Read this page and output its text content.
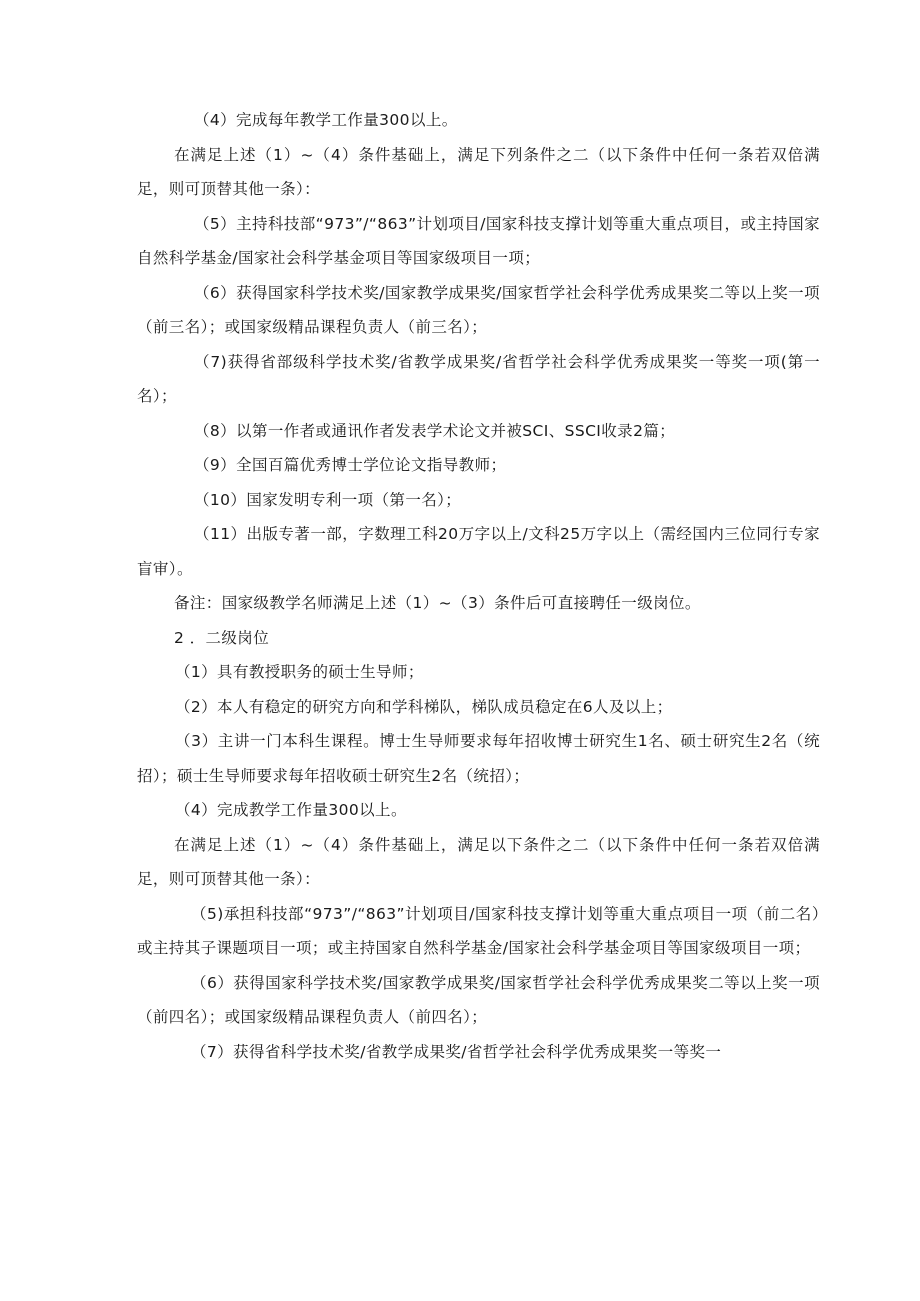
（4）完成每年教学工作量300以上。

在满足上述（1）~（4）条件基础上，满足下列条件之二（以下条件中任何一条若双倍满足，则可顶替其他一条）：

（5）主持科技部“973”/“863”计划项目/国家科技支撑计划等重大重点项目，或主持国家自然科学基金/国家社会科学基金项目等国家级项目一项；

（6）获得国家科学技术奖/国家教学成果奖/国家哲学社会科学优秀成果奖二等以上奖一项（前三名）；或国家级精品课程负责人（前三名）；

（7)获得省部级科学技术奖/省教学成果奖/省哲学社会科学优秀成果奖一等奖一项(第一名）；

（8）以第一作者或通讯作者发表学术论文并被SCI、SSCI收录2篇；

（9）全国百篇优秀博士学位论文指导教师；

（10）国家发明专利一项（第一名）；

（11）出版专著一部，字数理工科20万字以上/文科25万字以上（需经国内三位同行专家盲审）。

备注：国家级教学名师满足上述（1）~（3）条件后可直接聘任一级岗位。

2 ．二级岗位

（1）具有教授职务的硕士生导师；

（2）本人有稳定的研究方向和学科梯队，梯队成员稳定在6人及以上；

（3）主讲一门本科生课程。博士生导师要求每年招收博士研究生1名、硕士研究生2名（统招）；硕士生导师要求每年招收硕士研究生2名（统招）；

（4）完成教学工作量300以上。

在满足上述（1）~（4）条件基础上，满足以下条件之二（以下条件中任何一条若双倍满足，则可顶替其他一条）：

（5)承担科技部“973”/“863”计划项目/国家科技支撑计划等重大重点项目一项（前二名）或主持其子课题项目一项；或主持国家自然科学基金/国家社会科学基金项目等国家级项目一项；

（6）获得国家科学技术奖/国家教学成果奖/国家哲学社会科学优秀成果奖二等以上奖一项（前四名）；或国家级精品课程负责人（前四名）；

（7）获得省科学技术奖/省教学成果奖/省哲学社会科学优秀成果奖一等奖一
